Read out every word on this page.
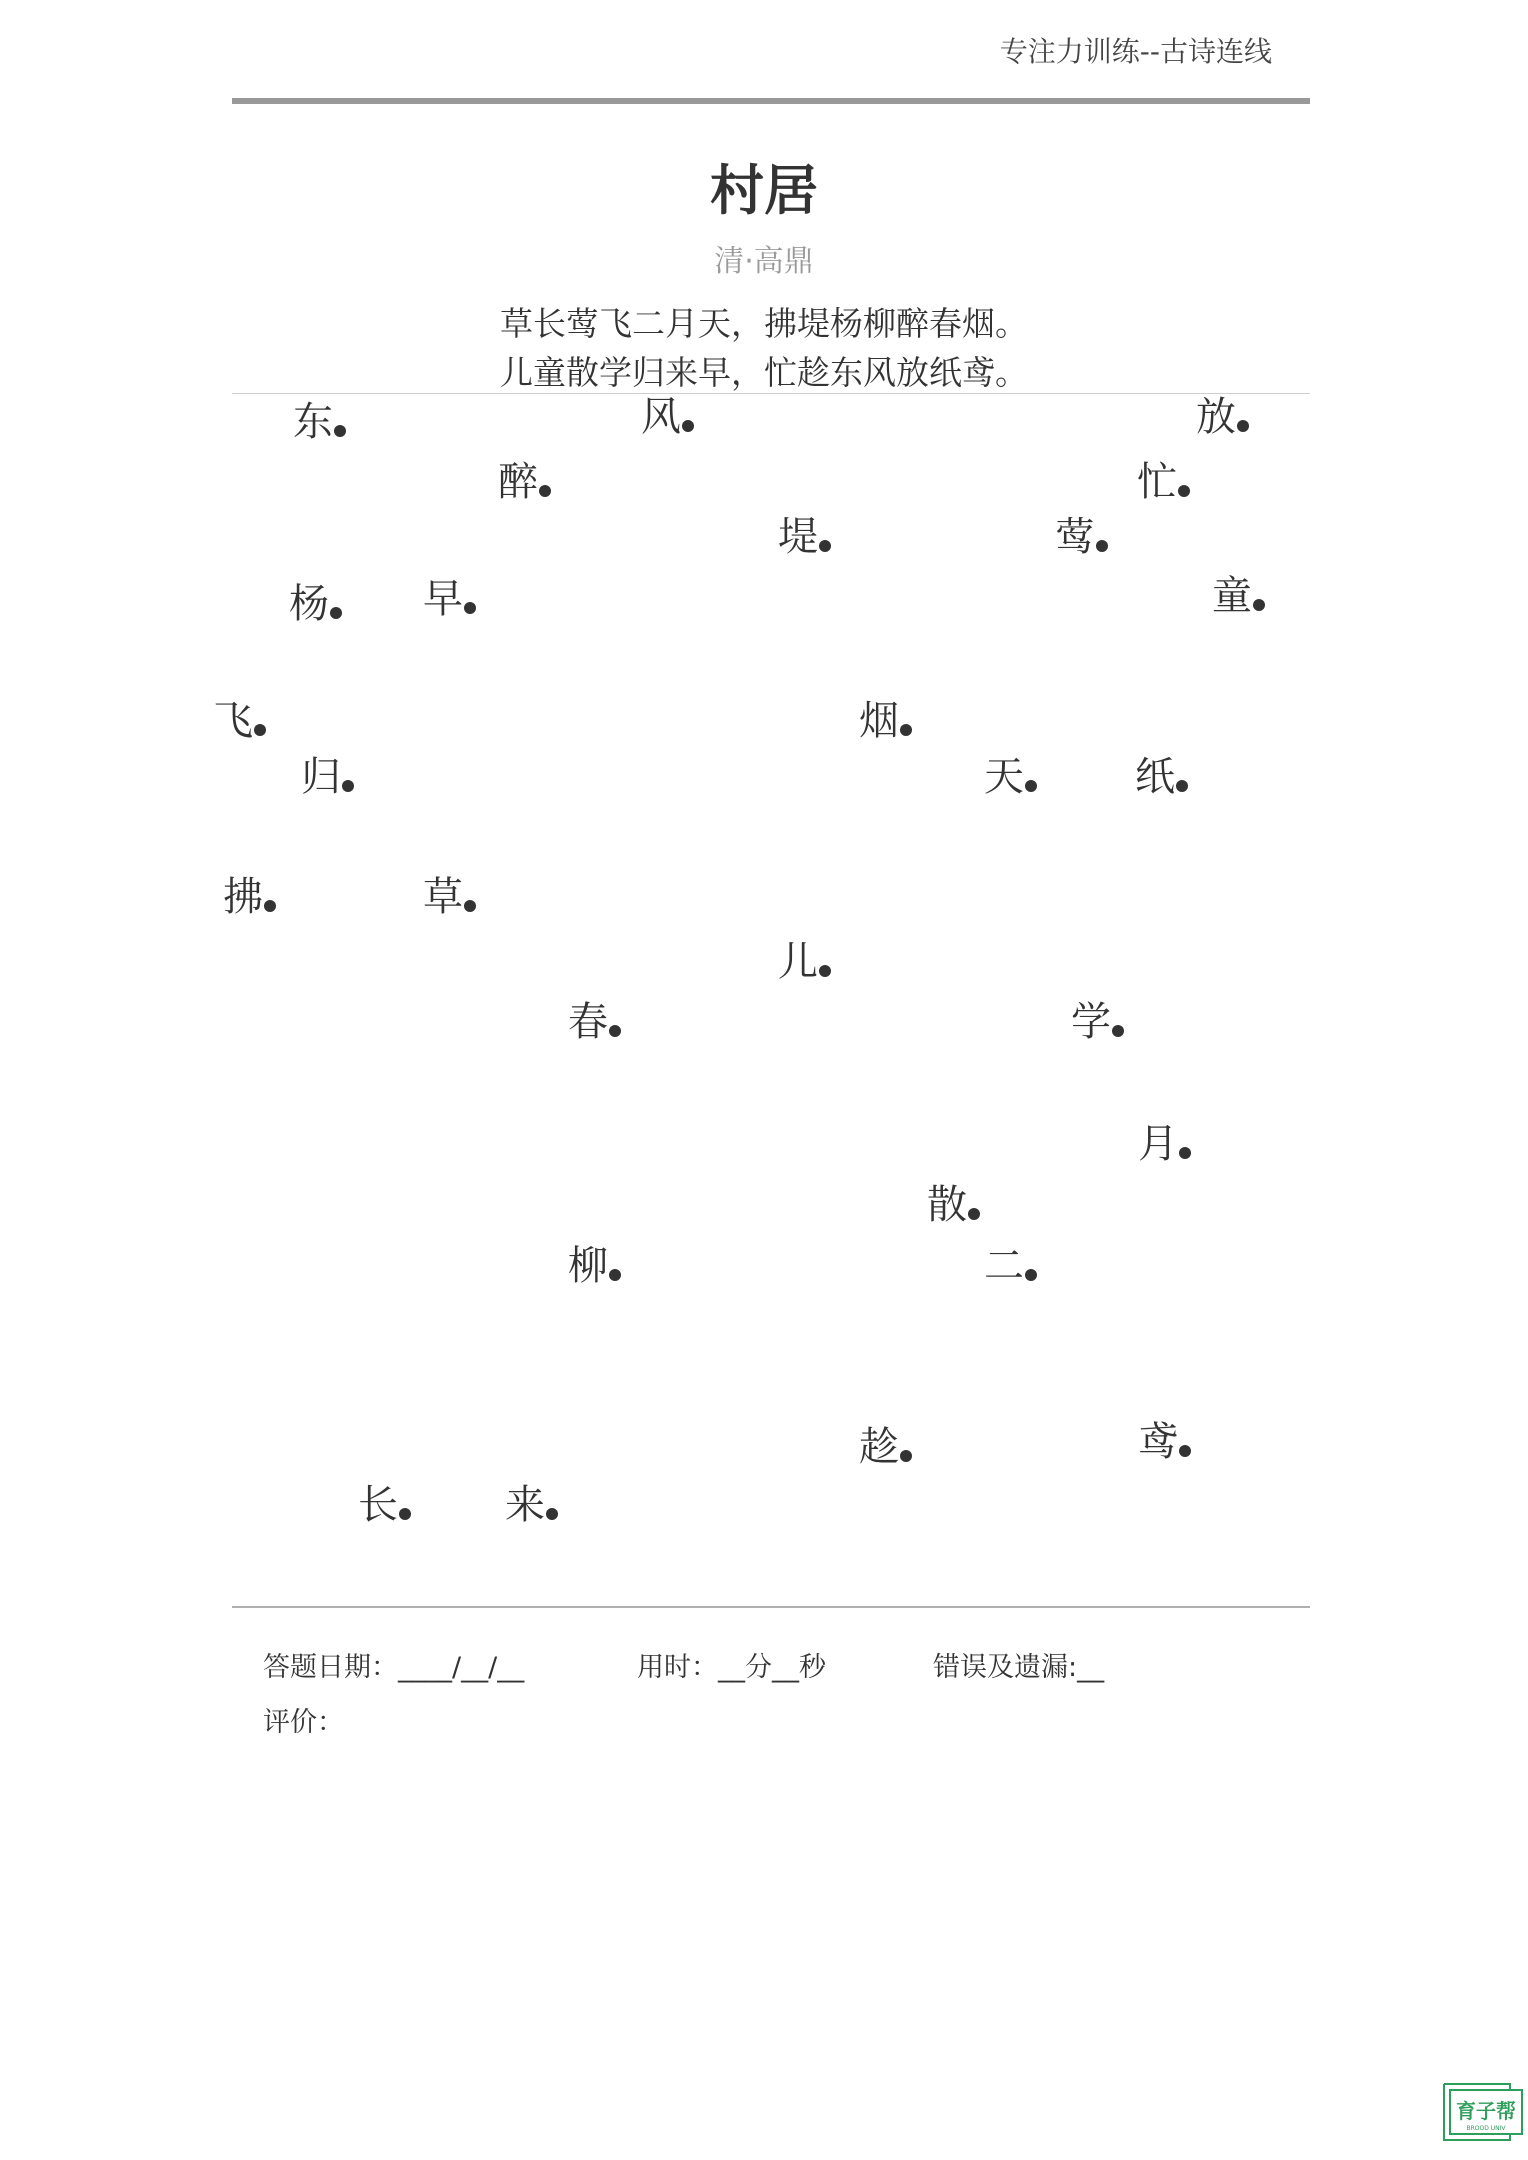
专注力训练--古诗连线
村居
清·高鼎
草长莺飞二月天，拂堤杨柳醉春烟。
儿童散学归来早，忙趁东风放纸鸢。
东	风	放
醉	忙
堤	莺
杨	早	童
飞	烟
归	天	纸
拂	草
儿
春	学
月
散
柳	二
趁	鸢
长	来
答题日期：____/__/__	用时：__分__秒	错误及遗漏:__
评价：
育子帮
BROOD UNIV
